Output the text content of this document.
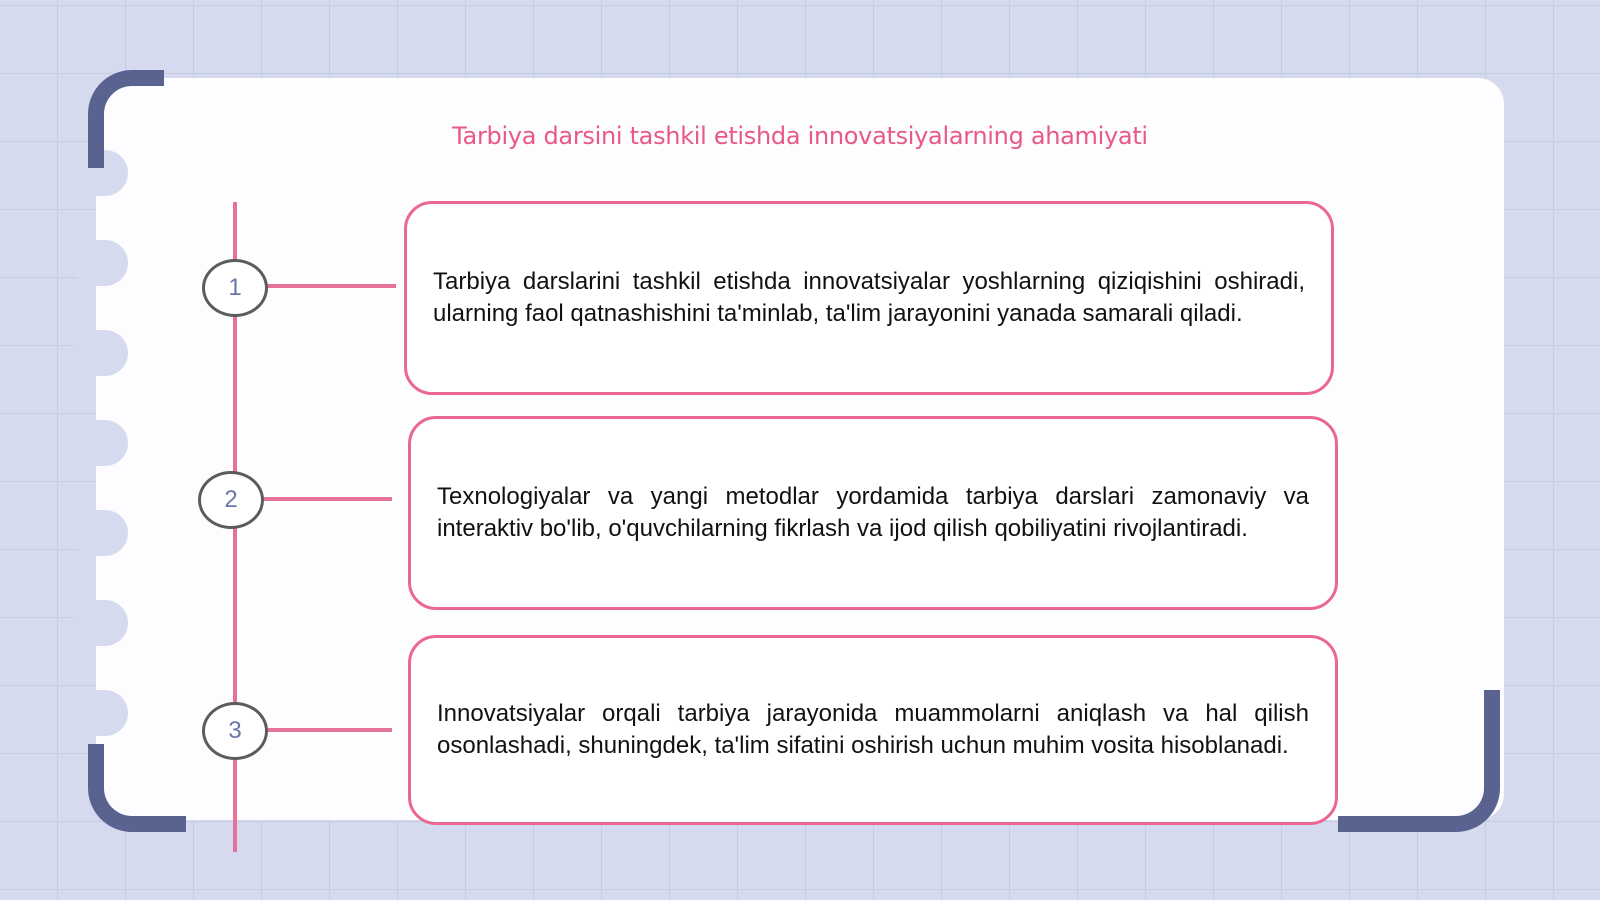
Tarbiya darsini tashkil etishda innovatsiyalarning ahamiyati
1
2
3
Tarbiya darslarini tashkil etishda innovatsiyalar yoshlarning qiziqishini oshiradi, ularning faol qatnashishini ta'minlab, ta'lim jarayonini yanada samarali qiladi.
Texnologiyalar va yangi metodlar yordamida tarbiya darslari zamonaviy va interaktiv bo'lib, o'quvchilarning fikrlash va ijod qilish qobiliyatini rivojlantiradi.
Innovatsiyalar orqali tarbiya jarayonida muammolarni aniqlash va hal qilish osonlashadi, shuningdek, ta'lim sifatini oshirish uchun muhim vosita hisoblanadi.
